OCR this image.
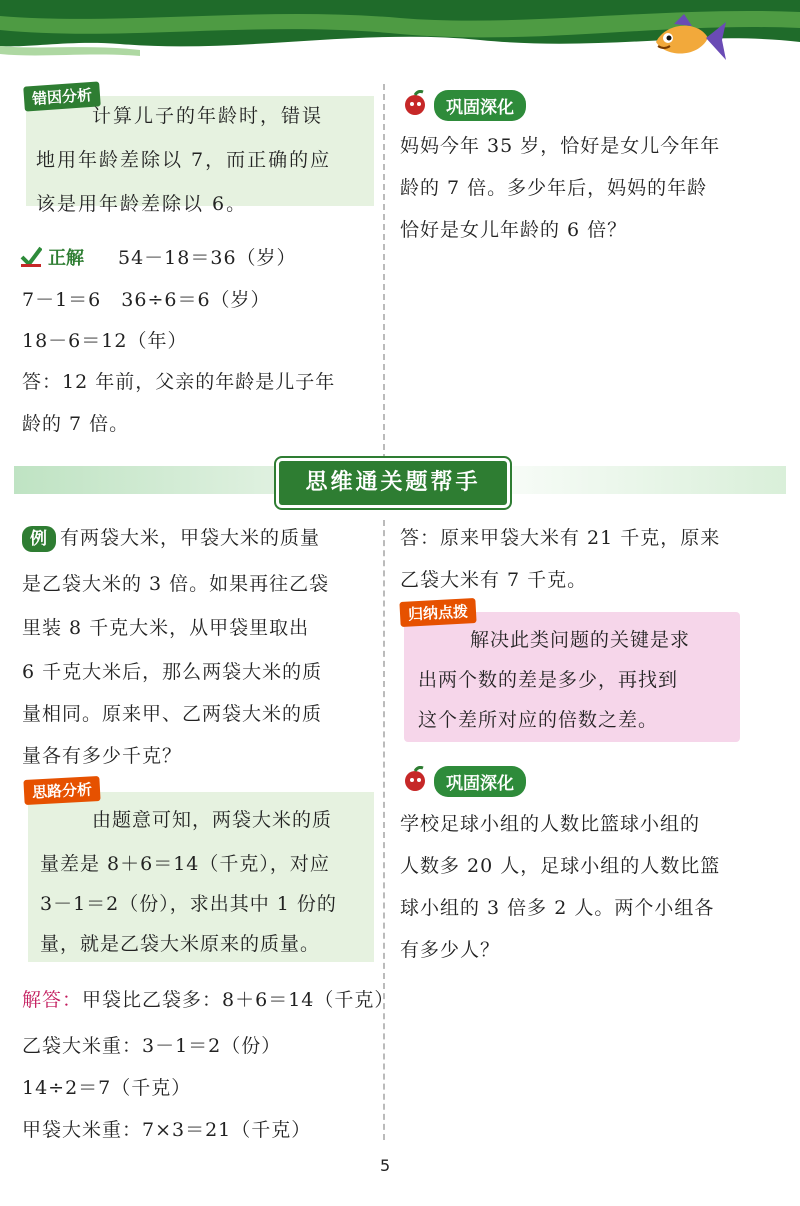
错因分析
计算儿子的年龄时，错误
地用年龄差除以 7，而正确的应
该是用年龄差除以 6。
正解 54－18＝36（岁）
7－1＝6　36÷6＝6（岁）
18－6＝12（年）
答：12 年前，父亲的年龄是儿子年
龄的 7 倍。
巩固深化
妈妈今年 35 岁，恰好是女儿今年年
龄的 7 倍。多少年后，妈妈的年龄
恰好是女儿年龄的 6 倍？
思维通关题帮手
例 有两袋大米，甲袋大米的质量
是乙袋大米的 3 倍。如果再往乙袋
里装 8 千克大米，从甲袋里取出
6 千克大米后，那么两袋大米的质
量相同。原来甲、乙两袋大米的质
量各有多少千克？
思路分析
由题意可知，两袋大米的质
量差是 8＋6＝14（千克），对应
3－1＝2（份），求出其中 1 份的
量，就是乙袋大米原来的质量。
解答：甲袋比乙袋多：8＋6＝14（千克）
乙袋大米重：3－1＝2（份）
14÷2＝7（千克）
甲袋大米重：7×3＝21（千克）
答：原来甲袋大米有 21 千克，原来
乙袋大米有 7 千克。
归纳点拨
解决此类问题的关键是求
出两个数的差是多少，再找到
这个差所对应的倍数之差。
巩固深化
学校足球小组的人数比篮球小组的
人数多 20 人，足球小组的人数比篮
球小组的 3 倍多 2 人。两个小组各
有多少人？
5
